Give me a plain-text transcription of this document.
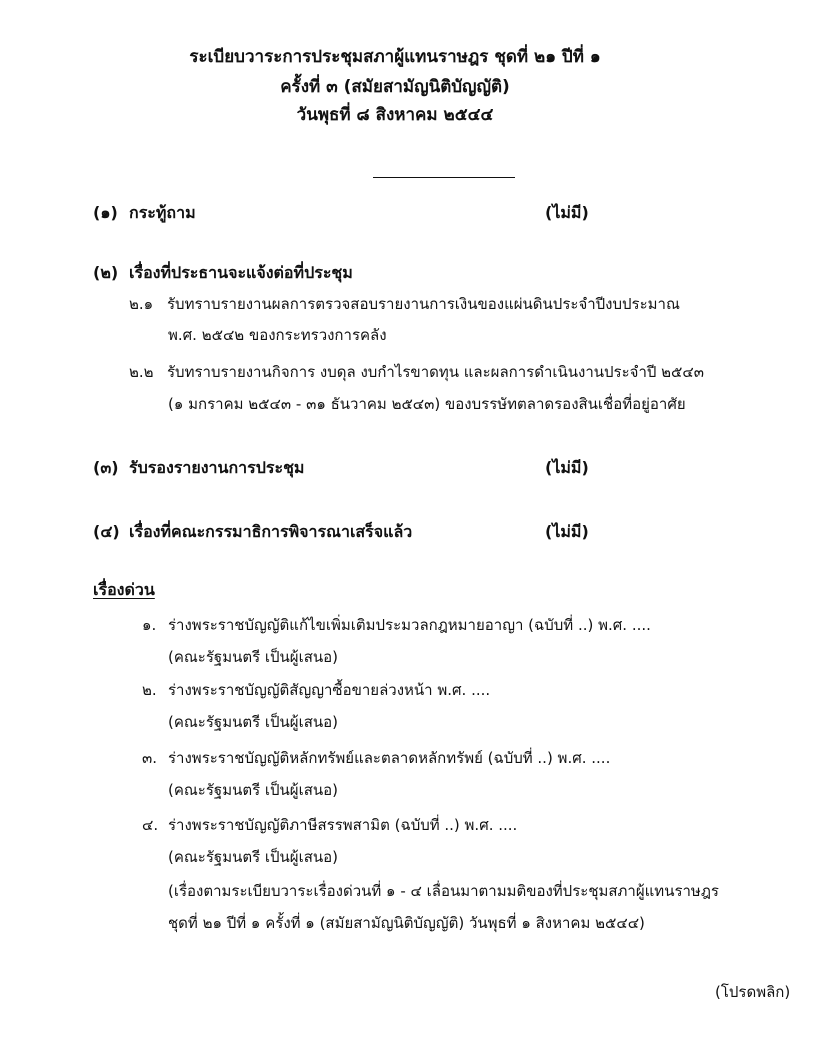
ระเบียบวาระการประชุมสภาผู้แทนราษฎร ชุดที่ ๒๑ ปีที่ ๑
ครั้งที่ ๓ (สมัยสามัญนิติบัญญัติ)
วันพุธที่ ๘ สิงหาคม ๒๕๔๔
(๑) กระทู้ถาม	(ไม่มี)
(๒) เรื่องที่ประธานจะแจ้งต่อที่ประชุม
๒.๑ รับทราบรายงานผลการตรวจสอบรายงานการเงินของแผ่นดินประจำปีงบประมาณ
พ.ศ. ๒๕๔๒ ของกระทรวงการคลัง
๒.๒ รับทราบรายงานกิจการ งบดุล งบกำไรขาดทุน และผลการดำเนินงานประจำปี ๒๕๔๓
(๑ มกราคม ๒๕๔๓ - ๓๑ ธันวาคม ๒๕๔๓) ของบรรษัทตลาดรองสินเชื่อที่อยู่อาศัย
(๓) รับรองรายงานการประชุม	(ไม่มี)
(๔) เรื่องที่คณะกรรมาธิการพิจารณาเสร็จแล้ว	(ไม่มี)
เรื่องด่วน
๑. ร่างพระราชบัญญัติแก้ไขเพิ่มเติมประมวลกฎหมายอาญา (ฉบับที่ ..) พ.ศ. ....
(คณะรัฐมนตรี เป็นผู้เสนอ)
๒. ร่างพระราชบัญญัติสัญญาซื้อขายล่วงหน้า พ.ศ. ....
(คณะรัฐมนตรี เป็นผู้เสนอ)
๓. ร่างพระราชบัญญัติหลักทรัพย์และตลาดหลักทรัพย์ (ฉบับที่ ..) พ.ศ. ....
(คณะรัฐมนตรี เป็นผู้เสนอ)
๔. ร่างพระราชบัญญัติภาษีสรรพสามิต (ฉบับที่ ..) พ.ศ. ....
(คณะรัฐมนตรี เป็นผู้เสนอ)
(เรื่องตามระเบียบวาระเรื่องด่วนที่ ๑ - ๔ เลื่อนมาตามมติของที่ประชุมสภาผู้แทนราษฎร
ชุดที่ ๒๑ ปีที่ ๑ ครั้งที่ ๑ (สมัยสามัญนิติบัญญัติ) วันพุธที่ ๑ สิงหาคม ๒๕๔๔)
(โปรดพลิก)
